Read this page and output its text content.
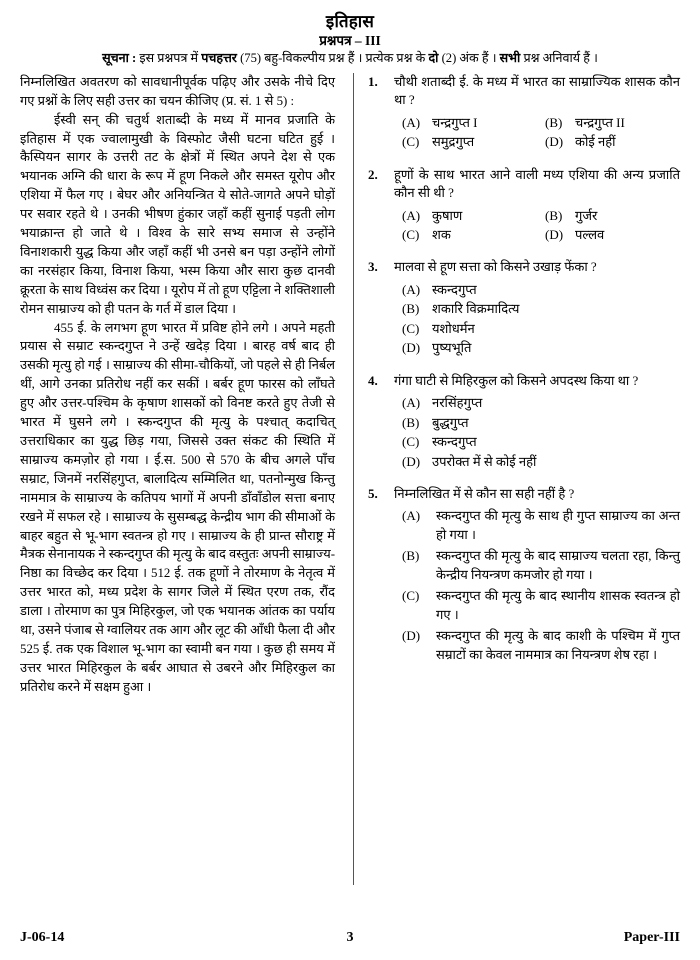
इतिहास
प्रश्नपत्र – III
सूचना : इस प्रश्नपत्र में पचहत्तर (75) बहु-विकल्पीय प्रश्न हैं । प्रत्येक प्रश्न के दो (2) अंक हैं । सभी प्रश्न अनिवार्य हैं ।

निम्नलिखित अवतरण को सावधानीपूर्वक पढ़िए और उसके नीचे दिए गए प्रश्नों के लिए सही उत्तर का चयन कीजिए (प्र. सं. 1 से 5) :

ईस्वी सन् की चतुर्थ शताब्दी के मध्य में मानव प्रजाति के इतिहास में एक ज्वालामुखी के विस्फोट जैसी घटना घटित हुई । कैस्पियन सागर के उत्तरी तट के क्षेत्रों में स्थित अपने देश से एक भयानक अग्नि की धारा के रूप में हूण निकले और समस्त यूरोप और एशिया में फैल गए । बेघर और अनियन्त्रित ये सोते-जागते अपने घोड़ों पर सवार रहते थे । उनकी भीषण हुंकार जहाँ कहीं सुनाई पड़ती लोग भयाक्रान्त हो जाते थे । विश्व के सारे सभ्य समाज से उन्होंने विनाशकारी युद्ध किया और जहाँ कहीं भी उनसे बन पड़ा उन्होंने लोगों का नरसंहार किया, विनाश किया, भस्म किया और सारा कुछ दानवी क्रूरता के साथ विध्वंस कर दिया । यूरोप में तो हूण एट्टिला ने शक्तिशाली रोमन साम्राज्य को ही पतन के गर्त में डाल दिया ।

455 ई. के लगभग हूण भारत में प्रविष्ट होने लगे । अपने महती प्रयास से सम्राट स्कन्दगुप्त ने उन्हें खदेड़ दिया । बारह वर्ष बाद ही उसकी मृत्यु हो गई । साम्राज्य की सीमा-चौकियों, जो पहले से ही निर्बल थीं, आगे उनका प्रतिरोध नहीं कर सकीं । बर्बर हूण फारस को लाँघते हुए और उत्तर-पश्चिम के कृषाण शासकों को विनष्ट करते हुए तेजी से भारत में घुसने लगे । स्कन्दगुप्त की मृत्यु के पश्चात् कदाचित् उत्तराधिकार का युद्ध छिड़ गया, जिससे उक्त संकट की स्थिति में साम्राज्य कमज़ोर हो गया । ई.स. 500 से 570 के बीच अगले पाँच सम्राट, जिनमें नरसिंहगुप्त, बालादित्य सम्मिलित था, पतनोन्मुख किन्तु नाममात्र के साम्राज्य के कतिपय भागों में अपनी डाँवाँडोल सत्ता बनाए रखने में सफल रहे । साम्राज्य के सुसम्बद्ध केन्द्रीय भाग की सीमाओं के बाहर बहुत से भू-भाग स्वतन्त्र हो गए । साम्राज्य के ही प्रान्त सौराष्ट्र में मैत्रक सेनानायक ने स्कन्दगुप्त की मृत्यु के बाद वस्तुतः अपनी साम्राज्य-निष्ठा का विच्छेद कर दिया । 512 ई. तक हूणों ने तोरमाण के नेतृत्व में उत्तर भारत को, मध्य प्रदेश के सागर जिले में स्थित एरण तक, रौंद डाला । तोरमाण का पुत्र मिहिरकुल, जो एक भयानक आंतक का पर्याय था, उसने पंजाब से ग्वालियर तक आग और लूट की आँधी फैला दी और 525 ई. तक एक विशाल भू-भाग का स्वामी बन गया । कुछ ही समय में उत्तर भारत मिहिरकुल के बर्बर आघात से उबरने और मिहिरकुल का प्रतिरोध करने में सक्षम हुआ ।

1.	चौथी शताब्दी ई. के मध्य में भारत का साम्राज्यिक शासक कौन था ?

(A) चन्द्रगुप्त I	(B) चन्द्रगुप्त II
(C) समुद्रगुप्त	(D) कोई नहीं
2.	हूणों के साथ भारत आने वाली मध्य एशिया की अन्य प्रजाति कौन सी थी ?

(A) कुषाण	(B) गुर्जर
(C) शक	(D) पल्लव
3.	मालवा से हूण सत्ता को किसने उखाड़ फेंका ?

(A) स्कन्दगुप्त
(B) शकारि विक्रमादित्य
(C) यशोधर्मन
(D) पुष्यभूति
4.	गंगा घाटी से मिहिरकुल को किसने अपदस्थ किया था ?

(A) नरसिंहगुप्त
(B) बुद्धगुप्त
(C) स्कन्दगुप्त
(D) उपरोक्त में से कोई नहीं
5.	निम्नलिखित में से कौन सा सही नहीं है ?

(A)	स्कन्दगुप्त की मृत्यु के साथ ही गुप्त साम्राज्य का अन्त हो गया ।
(B)	स्कन्दगुप्त की मृत्यु के बाद साम्राज्य चलता रहा, किन्तु केन्द्रीय नियन्त्रण कमजोर हो गया ।
(C)	स्कन्दगुप्त की मृत्यु के बाद स्थानीय शासक स्वतन्त्र हो गए ।
(D)	स्कन्दगुप्त की मृत्यु के बाद काशी के पश्चिम में गुप्त सम्राटों का केवल नाममात्र का नियन्त्रण शेष रहा ।
J-06-14	3	Paper-III
